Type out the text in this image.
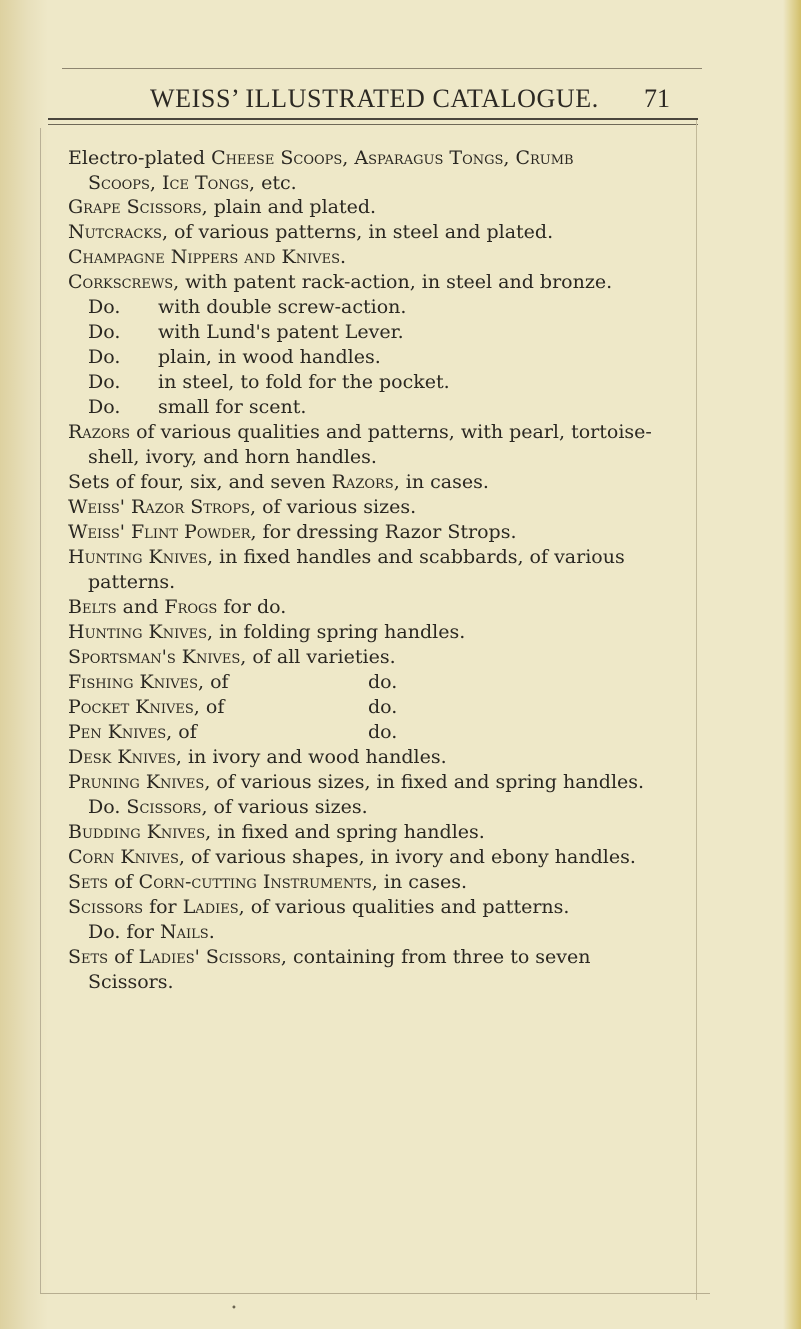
WEISS’ ILLUSTRATED CATALOGUE. 71
Electro-plated Cheese Scoops, Asparagus Tongs, Crumb
Scoops, Ice Tongs, etc.
Grape Scissors, plain and plated.
Nutcracks, of various patterns, in steel and plated.
Champagne Nippers and Knives.
Corkscrews, with patent rack-action, in steel and bronze.
Do. with double screw-action.
Do. with Lund's patent Lever.
Do. plain, in wood handles.
Do. in steel, to fold for the pocket.
Do. small for scent.
Razors of various qualities and patterns, with pearl, tortoise-
shell, ivory, and horn handles.
Sets of four, six, and seven Razors, in cases.
Weiss' Razor Strops, of various sizes.
Weiss' Flint Powder, for dressing Razor Strops.
Hunting Knives, in fixed handles and scabbards, of various
patterns.
Belts and Frogs for do.
Hunting Knives, in folding spring handles.
Sportsman's Knives, of all varieties.
Fishing Knives, of	do.
Pocket Knives, of	do.
Pen Knives, of	do.
Desk Knives, in ivory and wood handles.
Pruning Knives, of various sizes, in fixed and spring handles.
Do. Scissors, of various sizes.
Budding Knives, in fixed and spring handles.
Corn Knives, of various shapes, in ivory and ebony handles.
Sets of Corn-cutting Instruments, in cases.
Scissors for Ladies, of various qualities and patterns.
Do. for Nails.
Sets of Ladies' Scissors, containing from three to seven
Scissors.
•
